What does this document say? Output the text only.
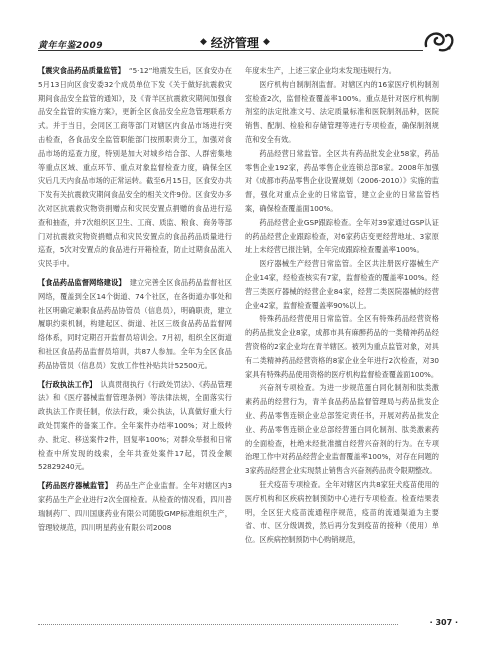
黄年年鉴2009	◆ 经济管理 ◆

【震灾食品药品质量监管】 “5·12”地震发生后，区食安办在5月13日向区食安委32个成员单位下发《关于做好抗震救灾期间食品安全监管的通知》，及《青羊区抗震救灾期间加强食品安全监管的实施方案》，更新全区食品安全应急管理联系方式。并于当日，会同区工商等部门对辖区内食品市场进行突击检查，各食品安全监管职能部门按照职责分工，加强对食品市场的巡查力度，特别是加大对城乡结合部、人群密集地等重点区域、重点环节、重点对象监督检查力度，确保全区灾后几天内食品市场的正常运转。截至6月15日，区食安办共下发有关抗震救灾期间食品安全的相关文件9份。区食安办多次对区抗震救灾物资捐赠点和灾民安置点捐赠的食品进行巡查和抽查，并7次组织区卫生、工商、质监、粮食、商务等部门对抗震救灾物资捐赠点和灾民安置点的食品药品质量进行巡查，5次对安置点的食品进行开箱检查，防止过期食品流入灾民手中。

【食品药品监督网络建设】 建立完善全区食品药品监督社区网络，覆盖到全区14个街道、74个社区，在各街道办事处和社区明确定兼职食品药品协管员（信息员），明确职责，建立履职约束机制，构建起区、街道、社区三级食品药品监督网络体系，同时定期召开监督员培训会。7月初，组织全区街道和社区食品药品监督员培训，共87人参加。全年为全区食品药品协管员（信息员）发放工作性补贴共计52500元。

【行政执法工作】 认真贯彻执行《行政处罚法》、《药品管理法》和《医疗器械监督管理条例》等法律法规，全面落实行政执法工作责任制，依法行政，秉公执法，认真做好重大行政处罚案件的备案工作。全年案件办结率100%；对上级转办、批定、移送案件2件，回复率100%；对群众举报和日常检查中所发现的线索，全年共查处案件17起，罚没金额52829240元。

【药品医疗器械监管】 药品生产企业监督。全年对辖区内3家药品生产企业进行2次全面检查。从检查的情况看，四川普瑞制药厂、四川国康药业有限公司随股GMP标准组织生产，管理较规范，四川明星药业有限公司2008

年度未生产，上述三家企业均未发现违规行为。

医疗机构自制制剂监督。对辖区内的16家医疗机构制剂室检查2次，监督检查覆盖率100%。重点是针对医疗机构制剂室的法定批准文号、法定质量标准和医院制剂品种，医院销售、配制、检验和存储管理等进行专项检查，确保制剂规范和安全有效。

药品经营日常监管。全区共有药品批发企业58家，药品零售企业192家，药品零售企业连锁总部8家。2008年加强对《成都市药品零售企业设置规划（2006-2010）》实施的监督，强化对重点企业的日常监管，建立企业的日常监管档案，确保检查覆盖面100%。

药品经营企业GSP跟踪检查。全年对39家通过GSP认证的药品经营企业跟踪检查，对6家药店变更经营地址、3家原址上未经营已报注销，全年完成跟踪检查覆盖率100%。

医疗器械生产经营日常监管。全区共注册医疗器械生产企业14家，经检查核实有7家，监督检查的覆盖率100%。经营三类医疗器械的经营企业84家，经营二类医院器械的经营企业42家，监督检查覆盖率90%以上。

特殊药品经营使用日常监管。全区有特殊药品经营资格的药品批发企业8家，成都市具有麻醉药品的一类精神药品经营资格的2家企业均在青羊辖区。被列为重点监管对象，对具有二类精神药品经营资格的8家企业全年进行2次检查，对30家具有特殊药品使用资格的医疗机构监督检查覆盖面100%。

兴奋剂专项检查。为进一步规范蛋白同化制剂和肽类激素药品的经营行为，青羊食品药品监督管理局与药品批发企业、药品零售连锁企业总部签定责任书，开展对药品批发企业、药品零售连锁企业总部经营蛋白同化制剂、肽类激素药的全面检查，杜绝未经批准擅自经营兴奋剂的行为。在专项治理工作中对药品经营企业监督覆盖率100%，对存在问题的3家药品经营企业实现禁止销售含兴奋剂药品责令限期整改。

狂犬疫苗专项检查。全年对辖区内共8家狂犬疫苗使用的医疗机构和区疾病控制预防中心进行专项检查。检查结果表明，全区狂犬疫苗流通程序规范，疫苗的流通渠道为主要省、市、区分级调拨，然后再分发到疫苗的接种（使用）单位。区疾病控制预防中心购销规范，

· 307 ·
